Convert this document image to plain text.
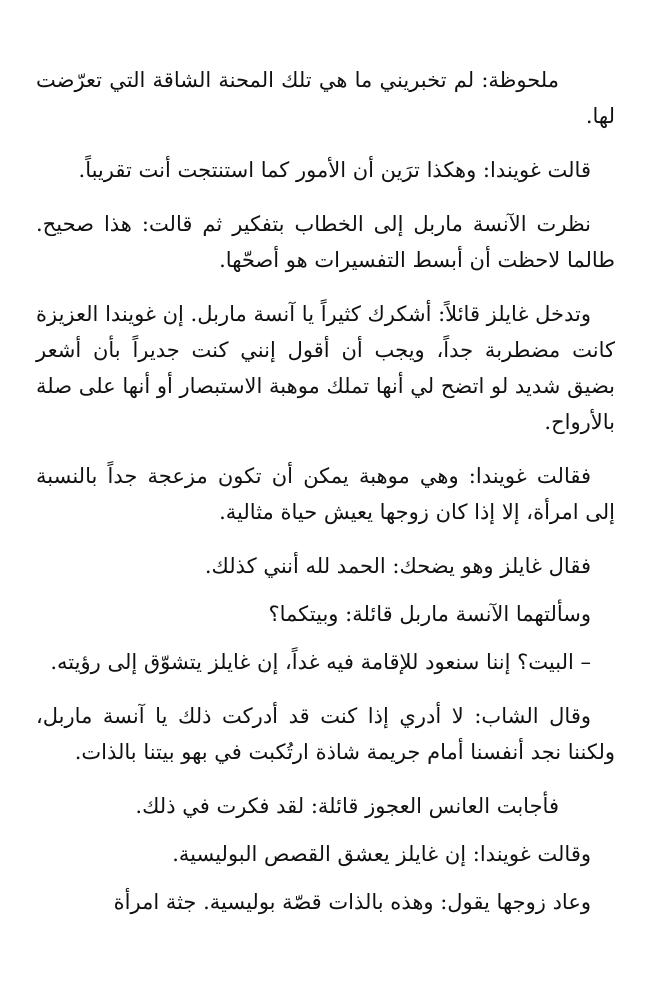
ملحوظة: لم تخبريني ما هي تلك المحنة الشاقة التي تعرّضت لها.

قالت غويندا: وهكذا ترَين أن الأمور كما استنتجت أنت تقريباً.

نظرت الآنسة ماربل إلى الخطاب بتفكير ثم قالت: هذا صحيح. طالما لاحظت أن أبسط التفسيرات هو أصحّها.

وتدخل غايلز قائلاً: أشكرك كثيراً يا آنسة ماربل. إن غويندا العزيزة كانت مضطربة جداً، ويجب أن أقول إنني كنت جديراً بأن أشعر بضيق شديد لو اتضح لي أنها تملك موهبة الاستبصار أو أنها على صلة بالأرواح.

فقالت غويندا: وهي موهبة يمكن أن تكون مزعجة جداً بالنسبة إلى امرأة، إلا إذا كان زوجها يعيش حياة مثالية.

فقال غايلز وهو يضحك: الحمد لله أنني كذلك.

وسألتهما الآنسة ماربل قائلة: وبيتكما؟

– البيت؟ إننا سنعود للإقامة فيه غداً، إن غايلز يتشوّق إلى رؤيته.

وقال الشاب: لا أدري إذا كنت قد أدركت ذلك يا آنسة ماربل، ولكننا نجد أنفسنا أمام جريمة شاذة ارتُكبت في بهو بيتنا بالذات.

فأجابت العانس العجوز قائلة: لقد فكرت في ذلك.

وقالت غويندا: إن غايلز يعشق القصص البوليسية.

وعاد زوجها يقول: وهذه بالذات قصّة بوليسية. جثة امرأة
